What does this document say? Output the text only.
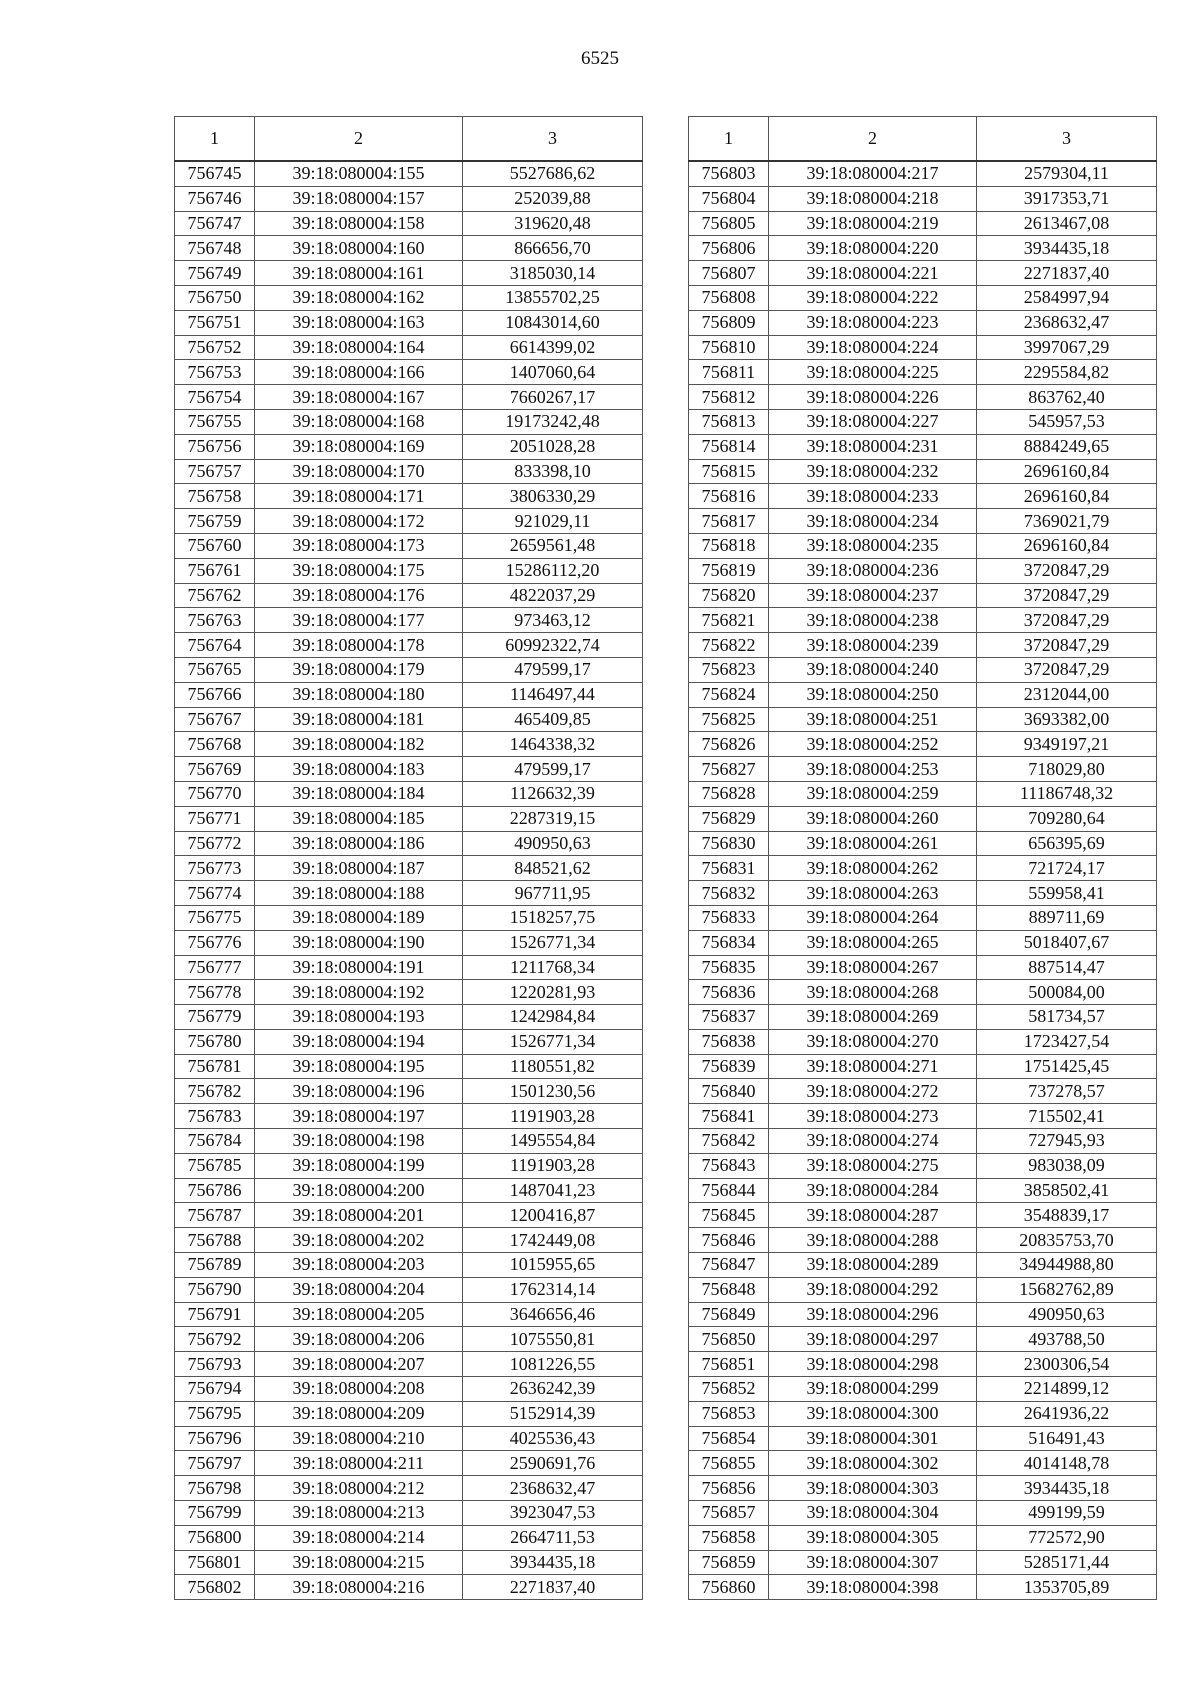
6525
1	2	3
756745	39:18:080004:155	5527686,62
756746	39:18:080004:157	252039,88
756747	39:18:080004:158	319620,48
756748	39:18:080004:160	866656,70
756749	39:18:080004:161	3185030,14
756750	39:18:080004:162	13855702,25
756751	39:18:080004:163	10843014,60
756752	39:18:080004:164	6614399,02
756753	39:18:080004:166	1407060,64
756754	39:18:080004:167	7660267,17
756755	39:18:080004:168	19173242,48
756756	39:18:080004:169	2051028,28
756757	39:18:080004:170	833398,10
756758	39:18:080004:171	3806330,29
756759	39:18:080004:172	921029,11
756760	39:18:080004:173	2659561,48
756761	39:18:080004:175	15286112,20
756762	39:18:080004:176	4822037,29
756763	39:18:080004:177	973463,12
756764	39:18:080004:178	60992322,74
756765	39:18:080004:179	479599,17
756766	39:18:080004:180	1146497,44
756767	39:18:080004:181	465409,85
756768	39:18:080004:182	1464338,32
756769	39:18:080004:183	479599,17
756770	39:18:080004:184	1126632,39
756771	39:18:080004:185	2287319,15
756772	39:18:080004:186	490950,63
756773	39:18:080004:187	848521,62
756774	39:18:080004:188	967711,95
756775	39:18:080004:189	1518257,75
756776	39:18:080004:190	1526771,34
756777	39:18:080004:191	1211768,34
756778	39:18:080004:192	1220281,93
756779	39:18:080004:193	1242984,84
756780	39:18:080004:194	1526771,34
756781	39:18:080004:195	1180551,82
756782	39:18:080004:196	1501230,56
756783	39:18:080004:197	1191903,28
756784	39:18:080004:198	1495554,84
756785	39:18:080004:199	1191903,28
756786	39:18:080004:200	1487041,23
756787	39:18:080004:201	1200416,87
756788	39:18:080004:202	1742449,08
756789	39:18:080004:203	1015955,65
756790	39:18:080004:204	1762314,14
756791	39:18:080004:205	3646656,46
756792	39:18:080004:206	1075550,81
756793	39:18:080004:207	1081226,55
756794	39:18:080004:208	2636242,39
756795	39:18:080004:209	5152914,39
756796	39:18:080004:210	4025536,43
756797	39:18:080004:211	2590691,76
756798	39:18:080004:212	2368632,47
756799	39:18:080004:213	3923047,53
756800	39:18:080004:214	2664711,53
756801	39:18:080004:215	3934435,18
756802	39:18:080004:216	2271837,40
1	2	3
756803	39:18:080004:217	2579304,11
756804	39:18:080004:218	3917353,71
756805	39:18:080004:219	2613467,08
756806	39:18:080004:220	3934435,18
756807	39:18:080004:221	2271837,40
756808	39:18:080004:222	2584997,94
756809	39:18:080004:223	2368632,47
756810	39:18:080004:224	3997067,29
756811	39:18:080004:225	2295584,82
756812	39:18:080004:226	863762,40
756813	39:18:080004:227	545957,53
756814	39:18:080004:231	8884249,65
756815	39:18:080004:232	2696160,84
756816	39:18:080004:233	2696160,84
756817	39:18:080004:234	7369021,79
756818	39:18:080004:235	2696160,84
756819	39:18:080004:236	3720847,29
756820	39:18:080004:237	3720847,29
756821	39:18:080004:238	3720847,29
756822	39:18:080004:239	3720847,29
756823	39:18:080004:240	3720847,29
756824	39:18:080004:250	2312044,00
756825	39:18:080004:251	3693382,00
756826	39:18:080004:252	9349197,21
756827	39:18:080004:253	718029,80
756828	39:18:080004:259	11186748,32
756829	39:18:080004:260	709280,64
756830	39:18:080004:261	656395,69
756831	39:18:080004:262	721724,17
756832	39:18:080004:263	559958,41
756833	39:18:080004:264	889711,69
756834	39:18:080004:265	5018407,67
756835	39:18:080004:267	887514,47
756836	39:18:080004:268	500084,00
756837	39:18:080004:269	581734,57
756838	39:18:080004:270	1723427,54
756839	39:18:080004:271	1751425,45
756840	39:18:080004:272	737278,57
756841	39:18:080004:273	715502,41
756842	39:18:080004:274	727945,93
756843	39:18:080004:275	983038,09
756844	39:18:080004:284	3858502,41
756845	39:18:080004:287	3548839,17
756846	39:18:080004:288	20835753,70
756847	39:18:080004:289	34944988,80
756848	39:18:080004:292	15682762,89
756849	39:18:080004:296	490950,63
756850	39:18:080004:297	493788,50
756851	39:18:080004:298	2300306,54
756852	39:18:080004:299	2214899,12
756853	39:18:080004:300	2641936,22
756854	39:18:080004:301	516491,43
756855	39:18:080004:302	4014148,78
756856	39:18:080004:303	3934435,18
756857	39:18:080004:304	499199,59
756858	39:18:080004:305	772572,90
756859	39:18:080004:307	5285171,44
756860	39:18:080004:398	1353705,89
